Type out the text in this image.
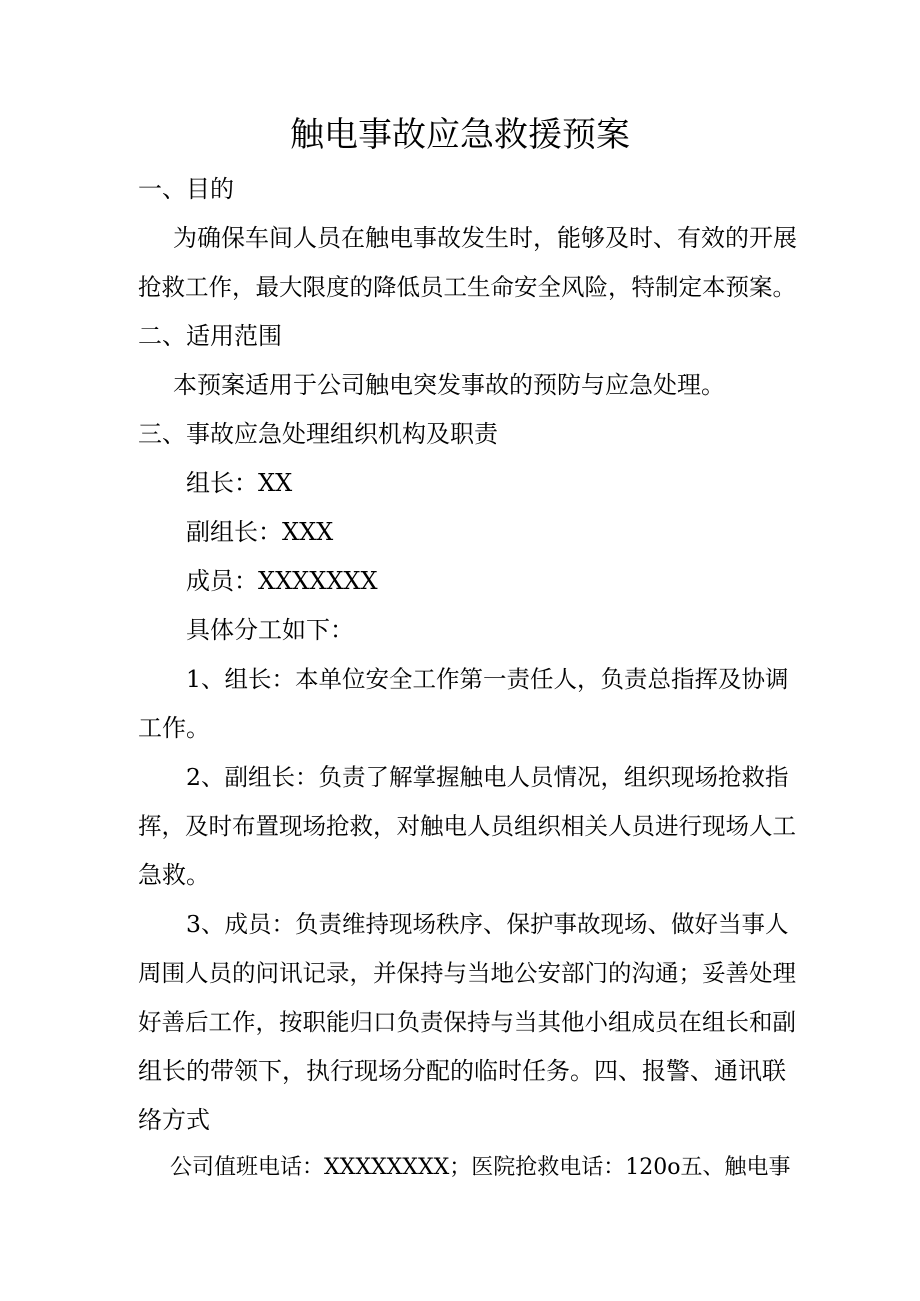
触电事故应急救援预案
一、目的
为确保车间人员在触电事故发生时，能够及时、有效的开展
抢救工作，最大限度的降低员工生命安全风险，特制定本预案。
二、适用范围
本预案适用于公司触电突发事故的预防与应急处理。
三、事故应急处理组织机构及职责
组长：XX
副组长：XXX
成员：XXXXXXX
具体分工如下：
1、组长：本单位安全工作第一责任人，负责总指挥及协调
工作。
2、副组长：负责了解掌握触电人员情况，组织现场抢救指
挥，及时布置现场抢救，对触电人员组织相关人员进行现场人工
急救。
3、成员：负责维持现场秩序、保护事故现场、做好当事人
周围人员的问讯记录，并保持与当地公安部门的沟通；妥善处理
好善后工作，按职能归口负责保持与当其他小组成员在组长和副
组长的带领下，执行现场分配的临时任务。四、报警、通讯联
络方式
公司值班电话：XXXXXXXX；医院抢救电话：120o五、触电事
